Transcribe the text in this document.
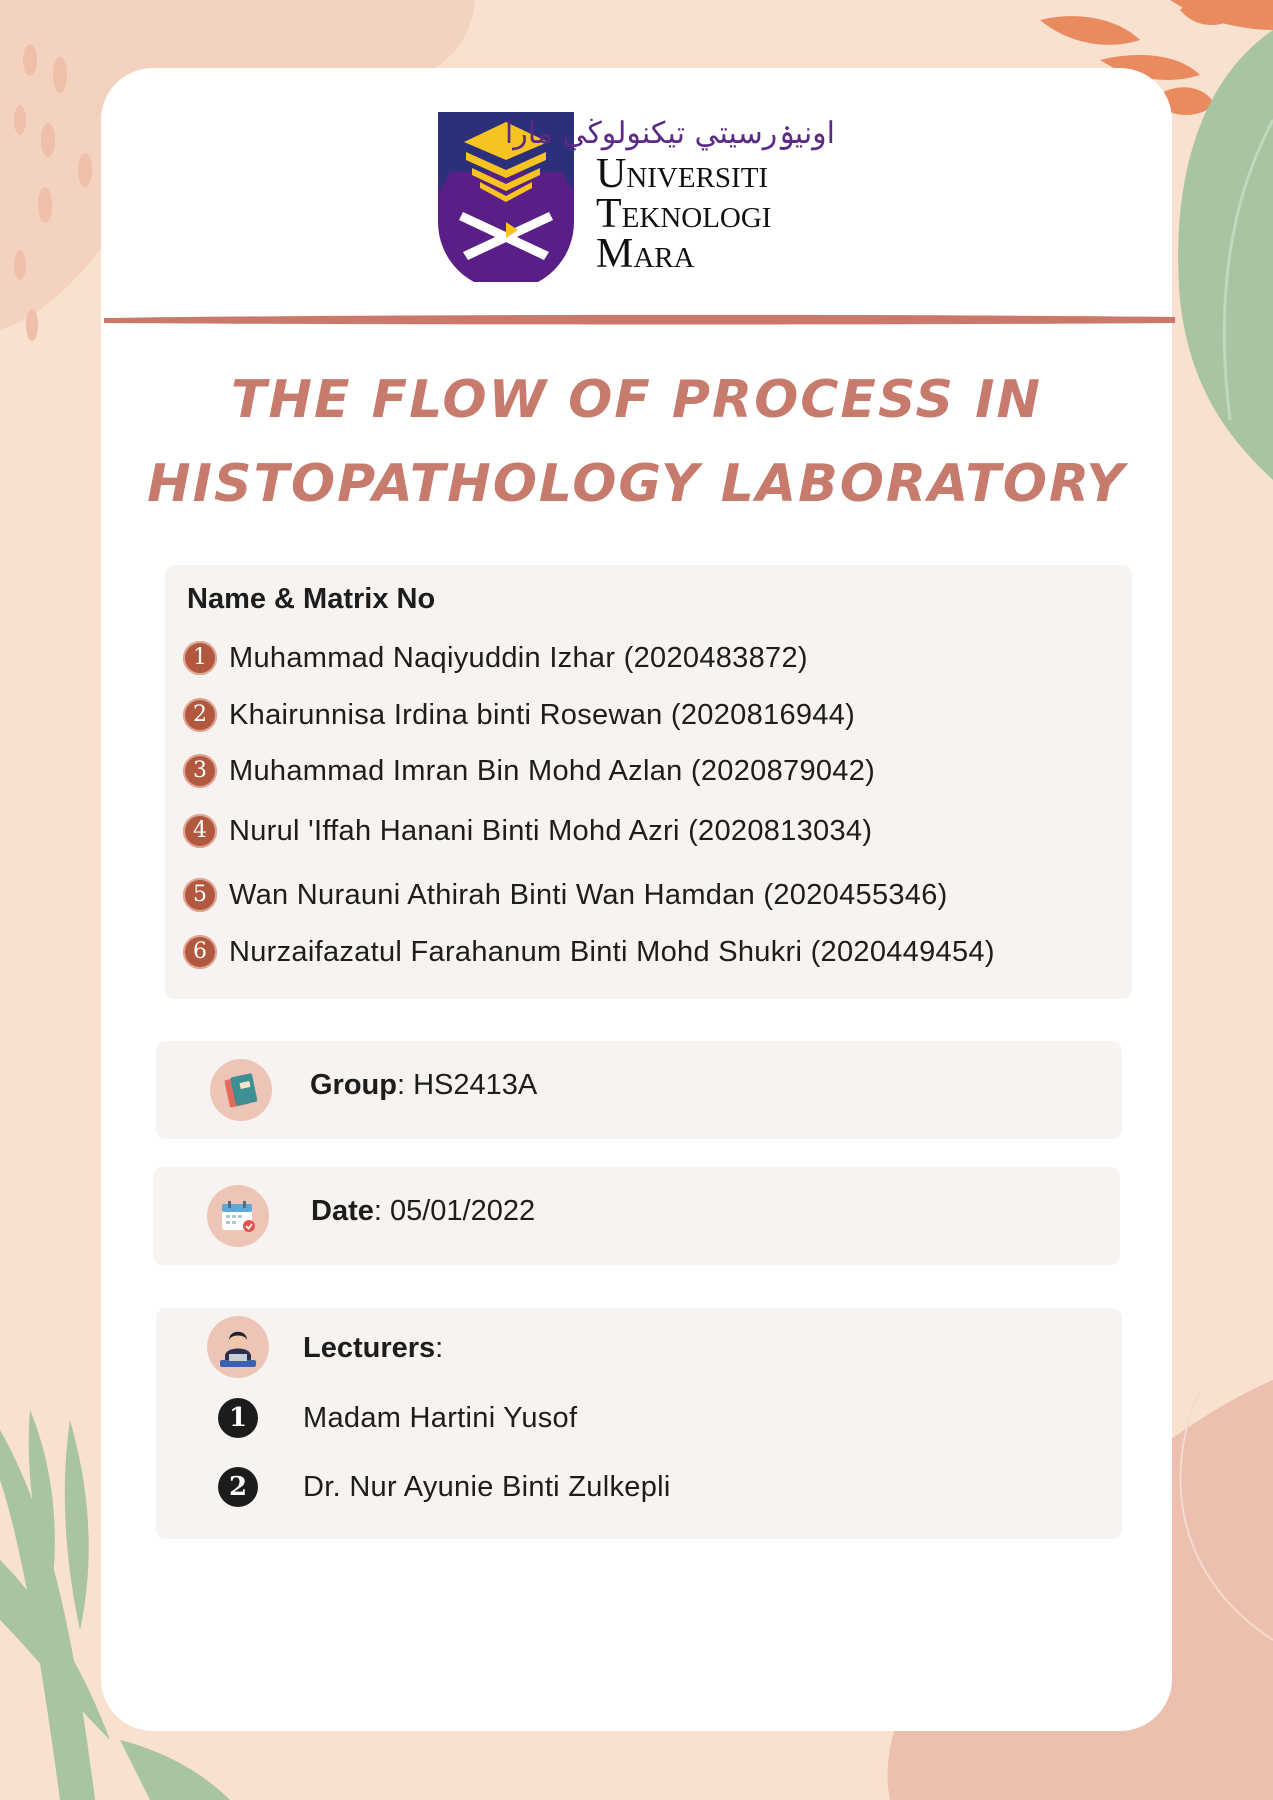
اونيۏرسيتي تيکنولوڬي مارا
Universiti
Teknologi
Mara
THE FLOW OF PROCESS IN
HISTOPATHOLOGY LABORATORY
Name & Matrix No
1 Muhammad Naqiyuddin Izhar (2020483872)
2 Khairunnisa Irdina binti Rosewan (2020816944)
3 Muhammad Imran Bin Mohd Azlan (2020879042)
4 Nurul 'Iffah Hanani Binti Mohd Azri (2020813034)
5 Wan Nurauni Athirah Binti Wan Hamdan (2020455346)
6 Nurzaifazatul Farahanum Binti Mohd Shukri (2020449454)
Group: HS2413A
Date: 05/01/2022
Lecturers:
1	Madam Hartini Yusof
2	Dr. Nur Ayunie Binti Zulkepli
